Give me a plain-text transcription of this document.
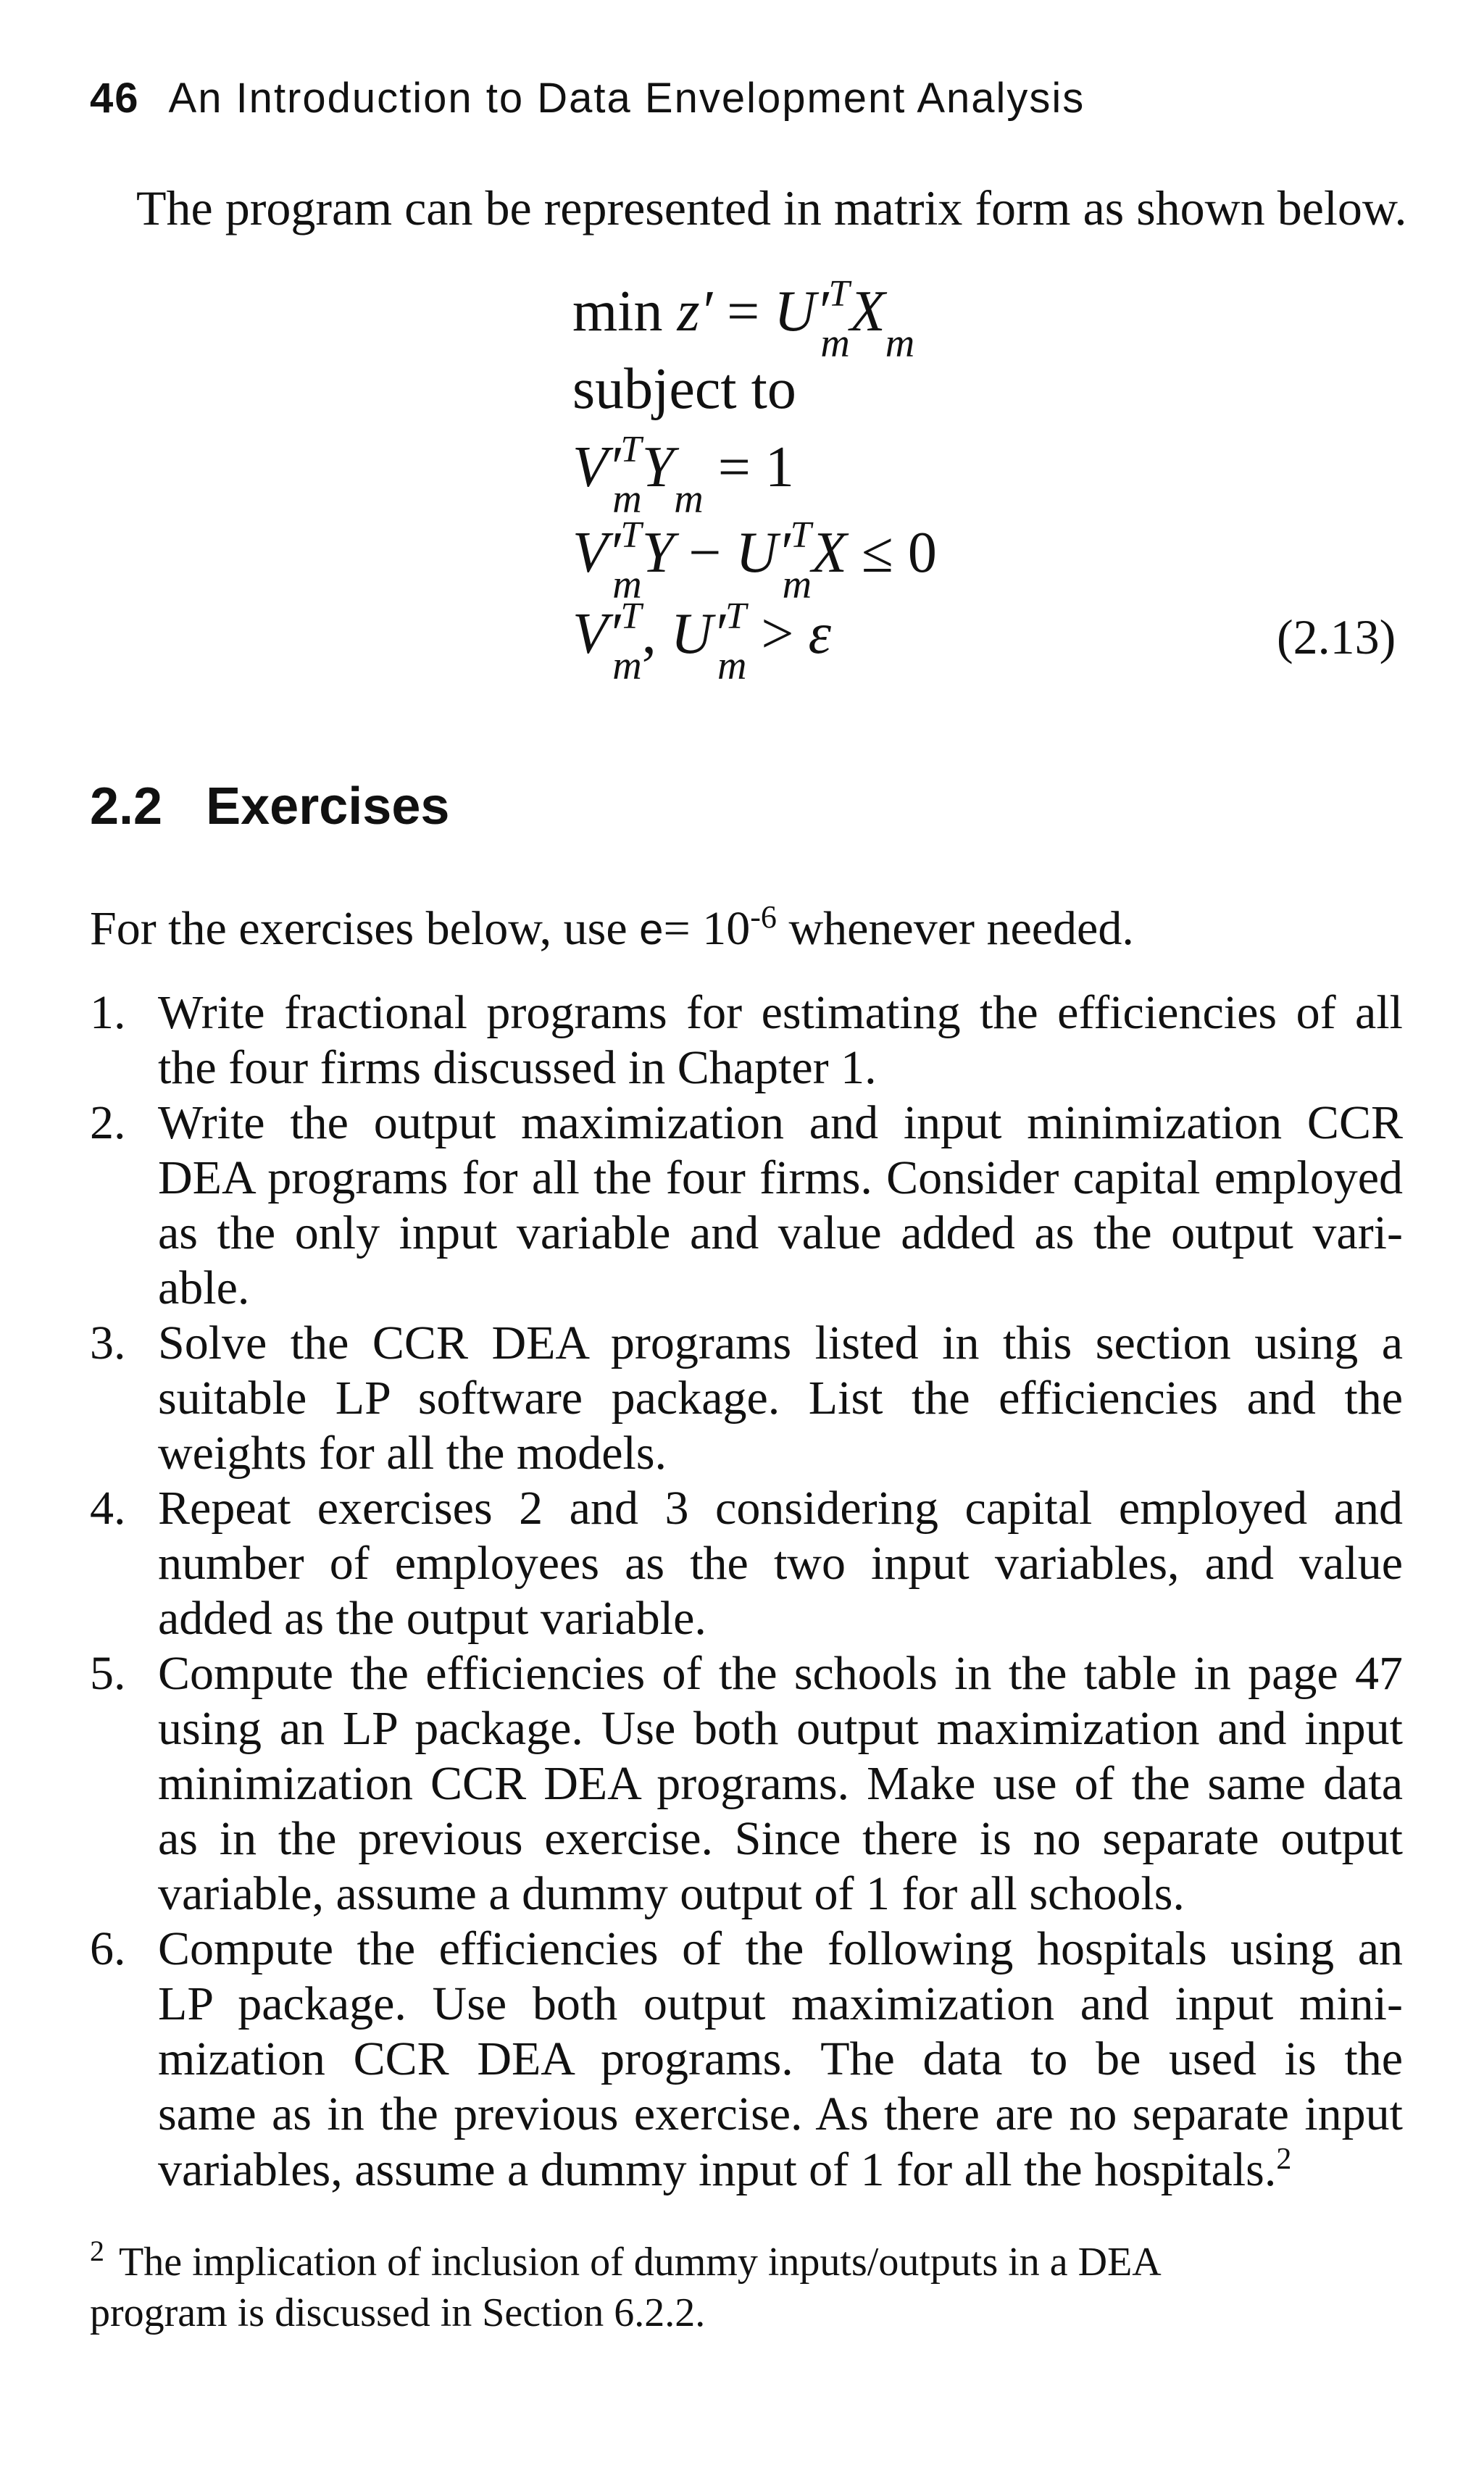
46 An Introduction to Data Envelopment Analysis
The program can be represented in matrix form as shown below.
$\min z' = U'^T_mX_m$
subject to
$V'^T_mY_m = 1$
$V'^T_mY - U'^T_mX \le 0$
$V'^T_m$, $U'^T_m > \varepsilon$	(2.13)
2.2 Exercises
For the exercises below, use $e= 10^{-6}$ whenever needed.
1. Write fractional programs for estimating the efficiencies of all
the four firms discussed in Chapter 1.
2. Write the output maximization and input minimization CCR
DEA programs for all the four firms. Consider capital employed
as the only input variable and value added as the output vari-
able.
3. Solve the CCR DEA programs listed in this section using a
suitable LP software package. List the efficiencies and the
weights for all the models.
4. Repeat exercises 2 and 3 considering capital employed and
number of employees as the two input variables, and value
added as the output variable.
5. Compute the efficiencies of the schools in the table in page 47
using an LP package. Use both output maximization and input
minimization CCR DEA programs. Make use of the same data
as in the previous exercise. Since there is no separate output
variable, assume a dummy output of 1 for all schools.
6. Compute the efficiencies of the following hospitals using an
LP package. Use both output maximization and input mini-
mization CCR DEA programs. The data to be used is the
same as in the previous exercise. As there are no separate input
variables, assume a dummy input of 1 for all the hospitals.$^2$
$^2$ The implication of inclusion of dummy inputs/outputs in a DEA
program is discussed in Section 6.2.2.
